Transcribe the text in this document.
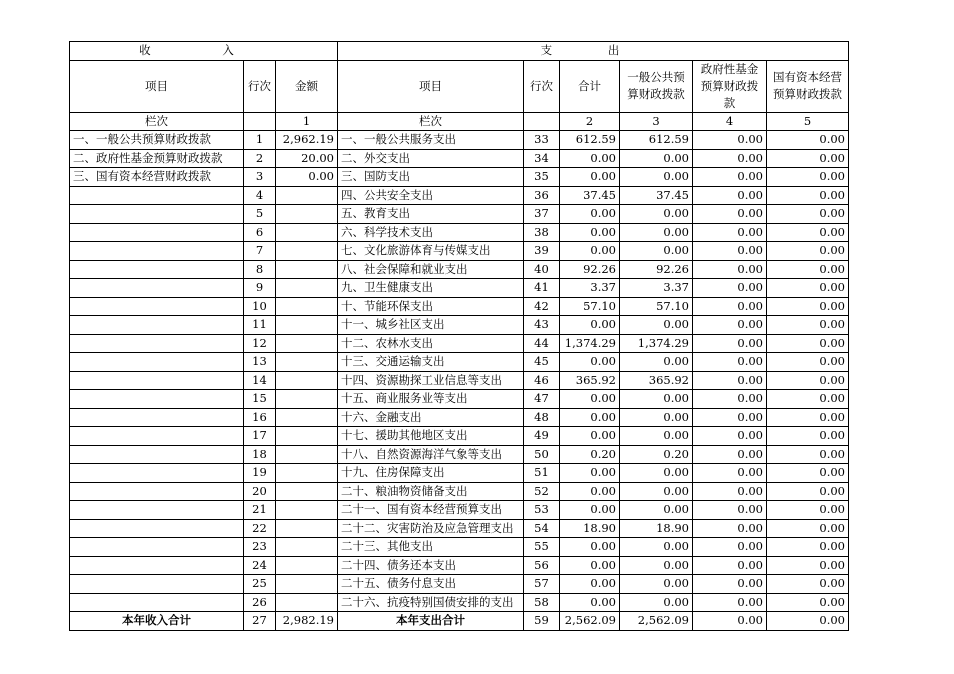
收 入			支 出					
项目	行次	金额	项目	行次	合计	一般公共预算财政拨款	政府性基金预算财政拨款	国有资本经营预算财政拨款
栏次		1	栏次		2	3	4	5
一、一般公共预算财政拨款	1	2,962.19	一、一般公共服务支出	33	612.59	612.59	0.00	0.00
二、政府性基金预算财政拨款	2	20.00	二、外交支出	34	0.00	0.00	0.00	0.00
三、国有资本经营财政拨款	3	0.00	三、国防支出	35	0.00	0.00	0.00	0.00
	4		四、公共安全支出	36	37.45	37.45	0.00	0.00
	5		五、教育支出	37	0.00	0.00	0.00	0.00
	6		六、科学技术支出	38	0.00	0.00	0.00	0.00
	7		七、文化旅游体育与传媒支出	39	0.00	0.00	0.00	0.00
	8		八、社会保障和就业支出	40	92.26	92.26	0.00	0.00
	9		九、卫生健康支出	41	3.37	3.37	0.00	0.00
	10		十、节能环保支出	42	57.10	57.10	0.00	0.00
	11		十一、城乡社区支出	43	0.00	0.00	0.00	0.00
	12		十二、农林水支出	44	1,374.29	1,374.29	0.00	0.00
	13		十三、交通运输支出	45	0.00	0.00	0.00	0.00
	14		十四、资源勘探工业信息等支出	46	365.92	365.92	0.00	0.00
	15		十五、商业服务业等支出	47	0.00	0.00	0.00	0.00
	16		十六、金融支出	48	0.00	0.00	0.00	0.00
	17		十七、援助其他地区支出	49	0.00	0.00	0.00	0.00
	18		十八、自然资源海洋气象等支出	50	0.20	0.20	0.00	0.00
	19		十九、住房保障支出	51	0.00	0.00	0.00	0.00
	20		二十、粮油物资储备支出	52	0.00	0.00	0.00	0.00
	21		二十一、国有资本经营预算支出	53	0.00	0.00	0.00	0.00
	22		二十二、灾害防治及应急管理支出	54	18.90	18.90	0.00	0.00
	23		二十三、其他支出	55	0.00	0.00	0.00	0.00
	24		二十四、债务还本支出	56	0.00	0.00	0.00	0.00
	25		二十五、债务付息支出	57	0.00	0.00	0.00	0.00
	26		二十六、抗疫特别国债安排的支出	58	0.00	0.00	0.00	0.00
本年收入合计	27	2,982.19	本年支出合计	59	2,562.09	2,562.09	0.00	0.00
